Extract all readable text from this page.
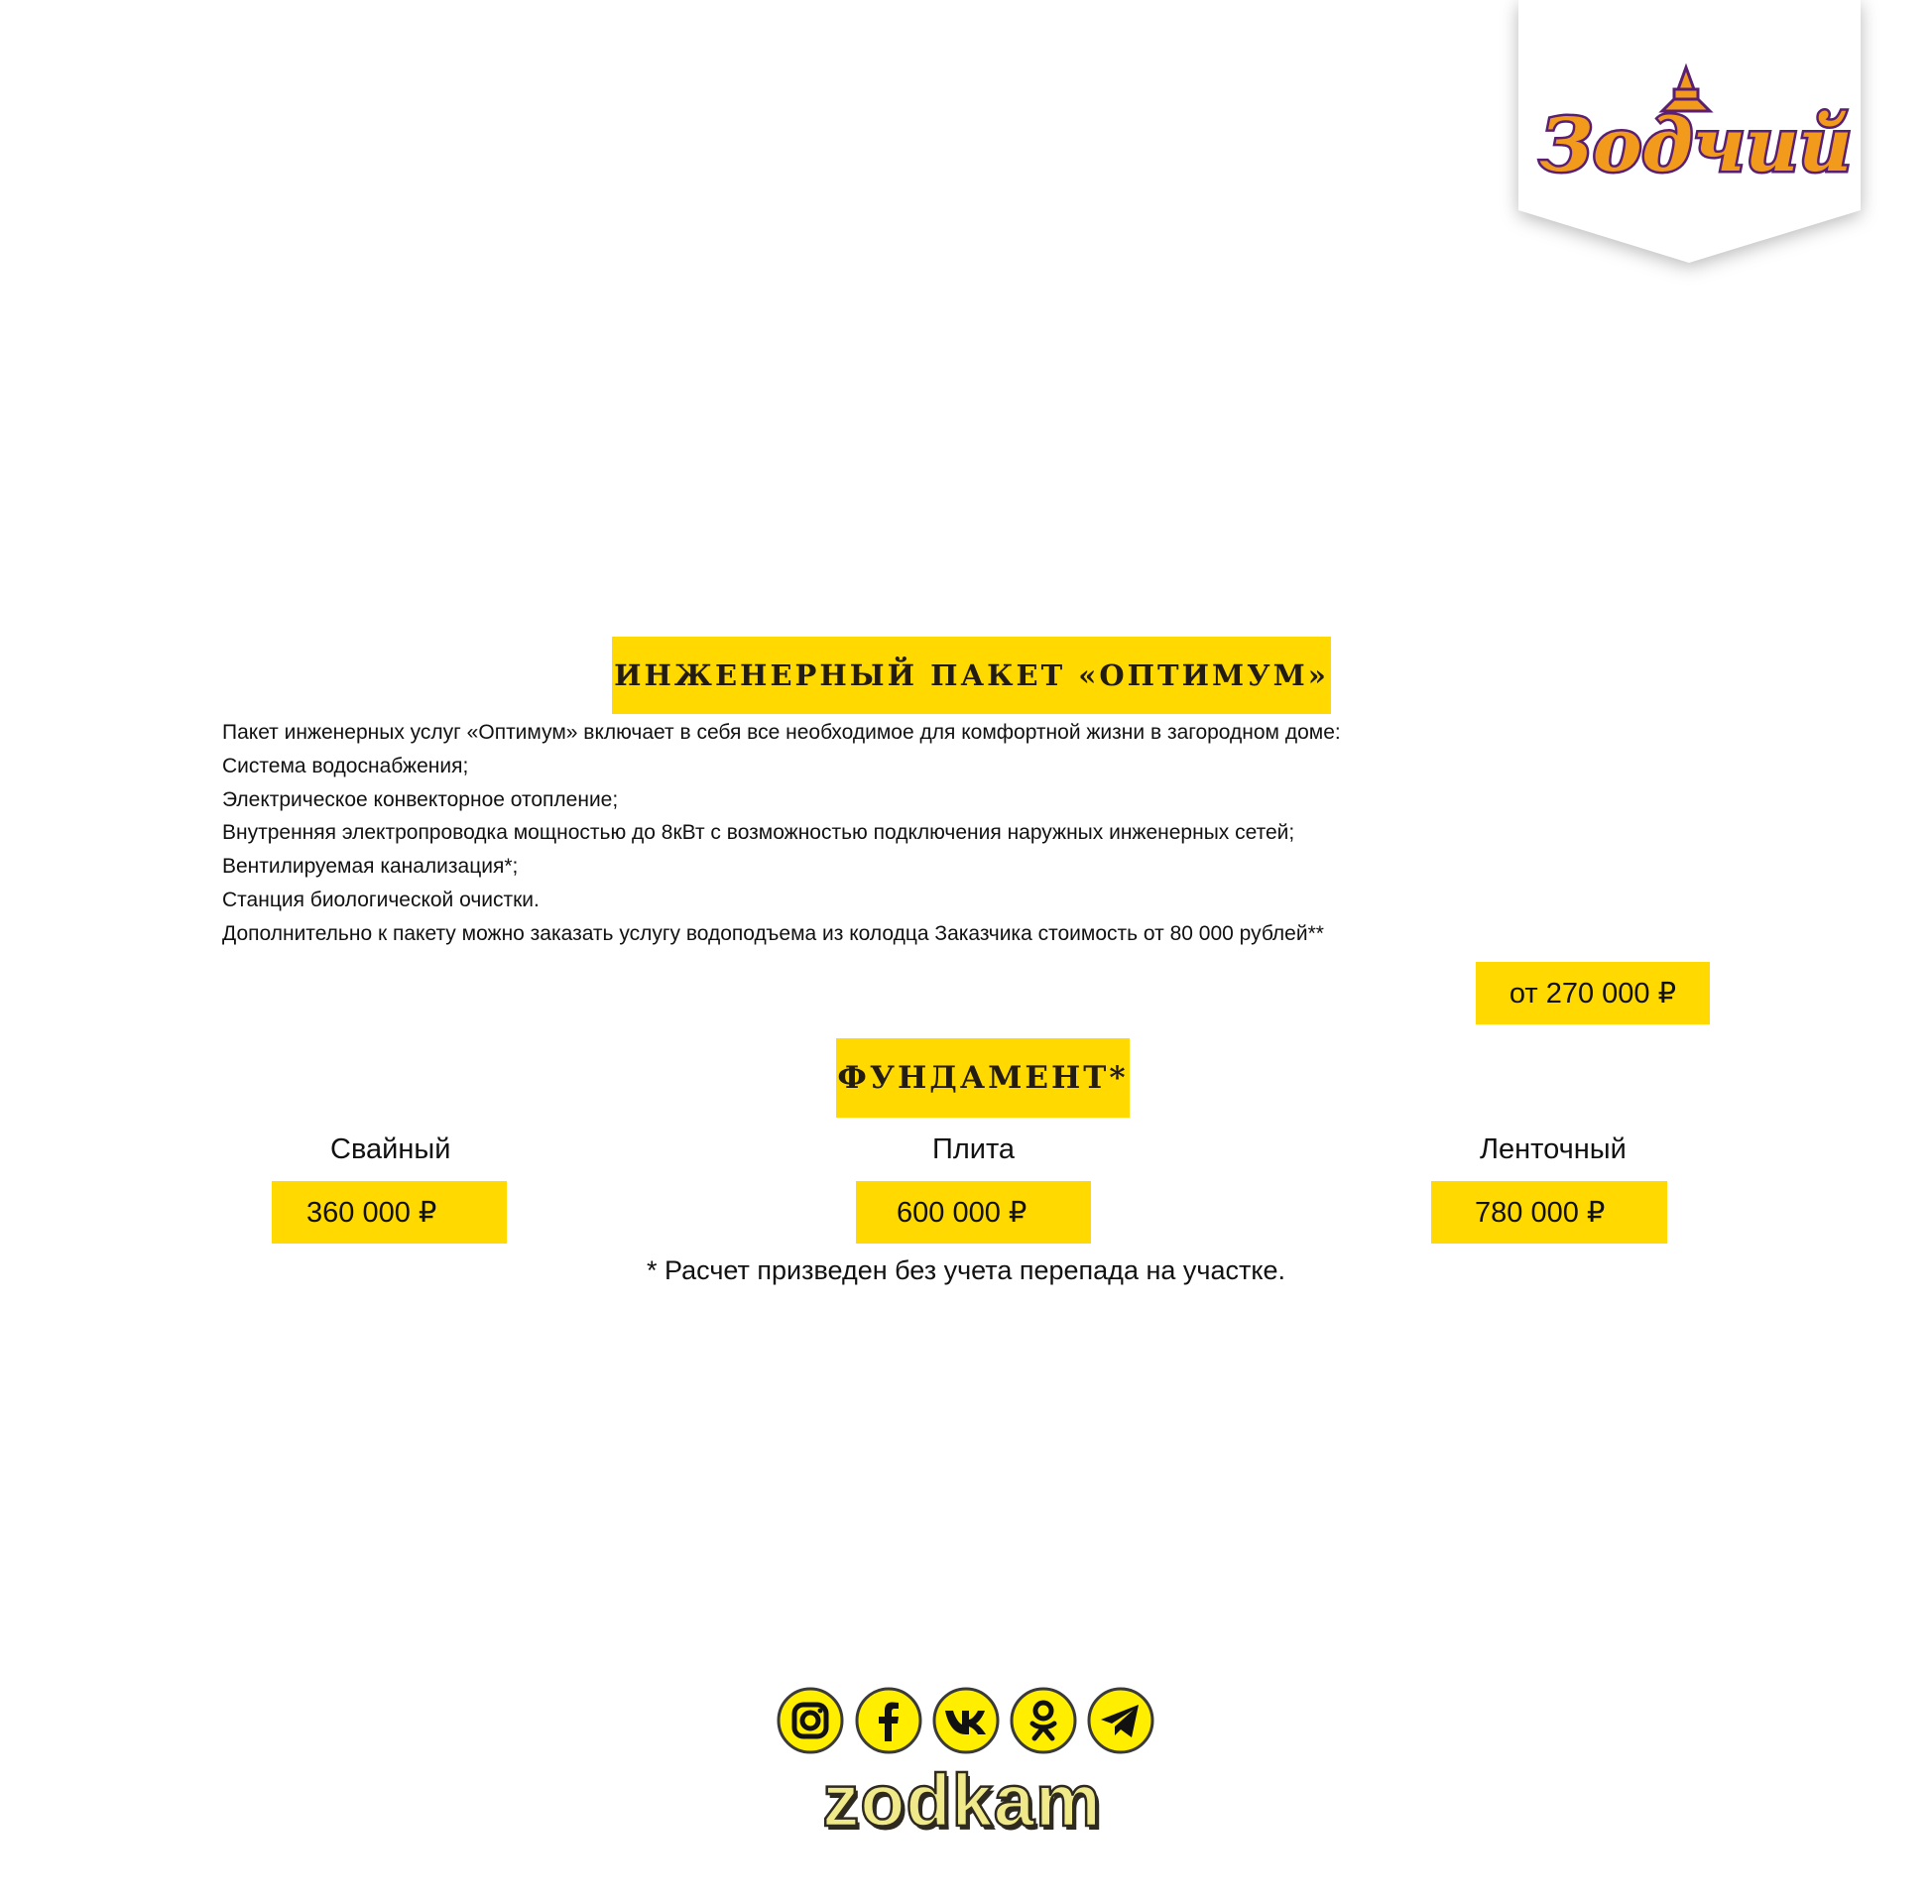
Зодчий
ИНЖЕНЕРНЫЙ ПАКЕТ «ОПТИМУМ»
Пакет инженерных услуг «Оптимум» включает в себя все необходимое для комфортной жизни в загородном доме:
Система водоснабжения;
Электрическое конвекторное отопление;
Внутренняя электропроводка мощностью до 8кВт с возможностью подключения наружных инженерных сетей;
Вентилируемая канализация*;
Станция биологической очистки.
Дополнительно к пакету можно заказать услугу водоподъема из колодца Заказчика стоимость от 80 000 рублей**
от 270 000 ₽
ФУНДАМЕНТ*
Свайный	Плита	Ленточный
360 000 ₽	600 000 ₽	780 000 ₽
* Расчет призведен без учета перепада на участке.
zodkam
